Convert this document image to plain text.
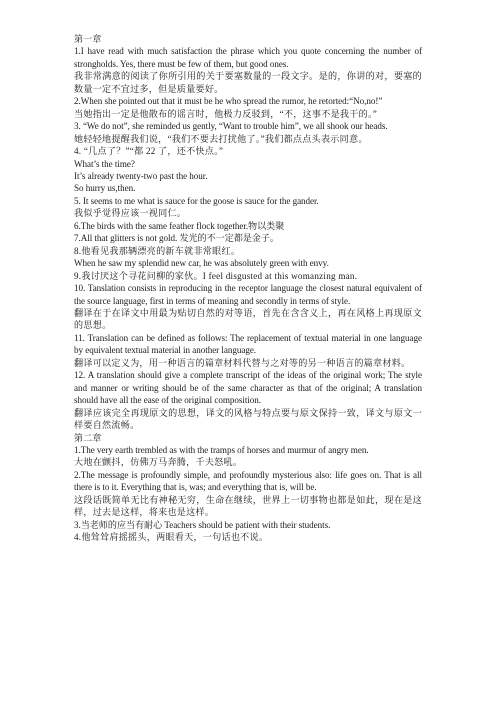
第一章

1.I have read with much satisfaction the phrase which you quote concerning the number of strongholds. Yes, there must be few of them, but good ones.

我非常满意的阅读了你所引用的关于要塞数量的一段文字。是的，你讲的对，要塞的数量一定不宜过多，但是质量要好。

2.When she pointed out that it must be he who spread the rumor, he retorted:“No,no!”

当她指出一定是他散布的谣言时，他极力反驳到，“不，这事不是我干的。”

3. “We do not”, she reminded us gently, “Want to trouble him”, we all shook our heads.

她轻轻地提醒我们说，“我们不要去打扰他了。”我们都点点头表示同意。

4. “几点了？”“都 22 了，还不快点。”

What’s the time?

It’s already twenty-two past the hour.

So hurry us,then.

5. It seems to me what is sauce for the goose is sauce for the gander.

我似乎觉得应该一视同仁。

6.The birds with the same feather flock together.物以类聚

7.All that glitters is not gold. 发光的不一定都是金子。

8.他看见我那辆漂亮的新车就非常眼红。

When he saw my splendid new car, he was absolutely green with envy.

9.我讨厌这个寻花问柳的家伙。I feel disgusted at this womanzing man.

10. Tanslation consists in reproducing in the receptor language the closest natural equivalent of the source language, first in terms of meaning and secondly in terms of style.

翻译在于在译文中用最为贴切自然的对等语，首先在含含义上，再在风格上再现原文的思想。

11. Translation can be defined as follows: The replacement of textual material in one language by equivalent textual material in another language.

翻译可以定义为，用一种语言的篇章材料代替与之对等的另一种语言的篇章材料。

12. A translation should give a complete transcript of the ideas of the original work; The style and manner or writing should be of the same character as that of the original; A translation should have all the ease of the original composition.

翻译应该完全再现原文的思想，译文的风格与特点要与原文保持一致，译文与原文一样要自然流畅。

第二章

1.The very earth trembled as with the tramps of horses and murmur of angry men.

大地在颤抖，仿佛万马奔腾，千夫怒吼。

2.The message is profoundly simple, and profoundly mysterious also: life goes on. That is all there is to it. Everything that is, was; and everything that is, will be.

这段话既简单无比有神秘无穷，生命在继续，世界上一切事物也都是如此，现在是这样，过去是这样，将来也是这样。

3.当老师的应当有耐心 Teachers should be patient with their students.

4.他耸耸肩摇摇头，两眼看天，一句话也不说。
